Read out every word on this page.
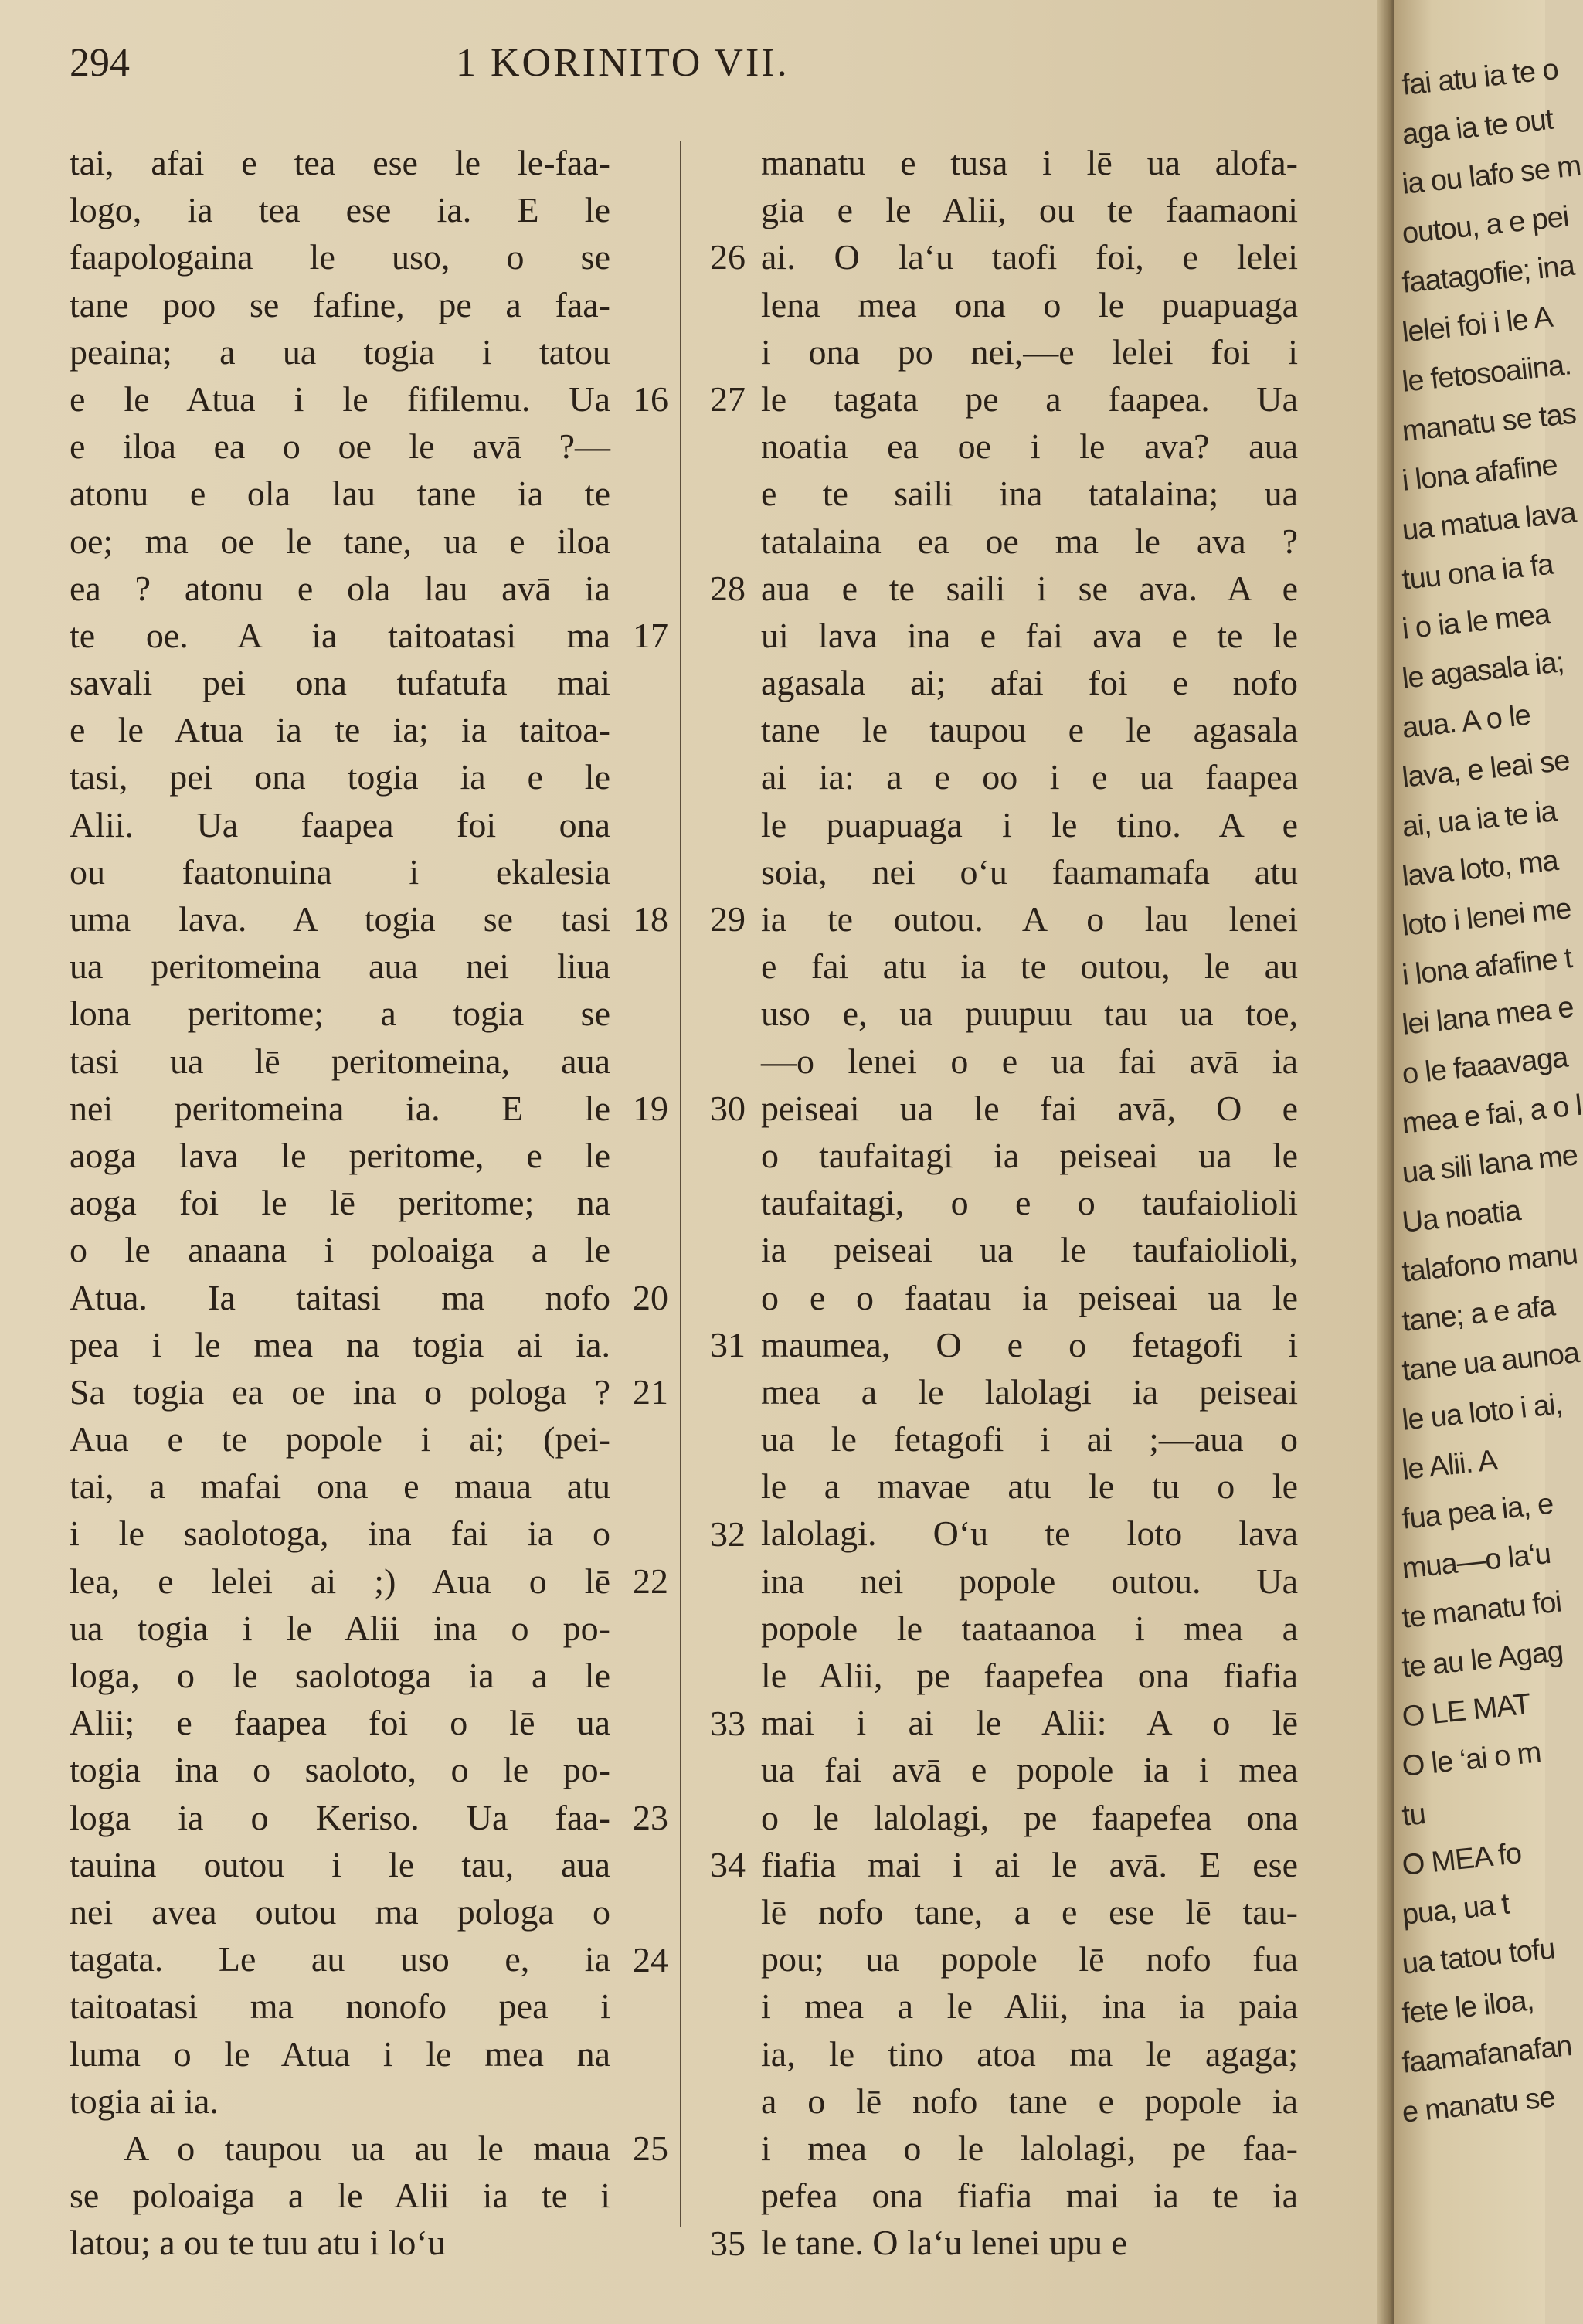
294	1 KORINITO VII.
tai, afai e tea ese le le-faa-
logo, ia tea ese ia. E le
faapologaina le uso, o se
tane poo se fafine, pe a faa-
peaina; a ua togia i tatou
e le Atua i le fifilemu. Ua
e iloa ea o oe le avā ?—
atonu e ola lau tane ia te
oe; ma oe le tane, ua e iloa
ea ? atonu e ola lau avā ia
te oe. A ia taitoatasi ma
savali pei ona tufatufa mai
e le Atua ia te ia; ia taitoa-
tasi, pei ona togia ia e le
Alii. Ua faapea foi ona
ou faatonuina i ekalesia
uma lava. A togia se tasi
ua peritomeina aua nei liua
lona peritome; a togia se
tasi ua lē peritomeina, aua
nei peritomeina ia. E le
aoga lava le peritome, e le
aoga foi le lē peritome; na
o le anaana i poloaiga a le
Atua. Ia taitasi ma nofo
pea i le mea na togia ai ia.
Sa togia ea oe ina o pologa ?
Aua e te popole i ai; (pei-
tai, a mafai ona e maua atu
i le saolotoga, ina fai ia o
lea, e lelei ai ;) Aua o lē
ua togia i le Alii ina o po-
loga, o le saolotoga ia a le
Alii; e faapea foi o lē ua
togia ina o saoloto, o le po-
loga ia o Keriso. Ua faa-
tauina outou i le tau, aua
nei avea outou ma pologa o
tagata. Le au uso e, ia
taitoatasi ma nonofo pea i
luma o le Atua i le mea na
togia ai ia.
A o taupou ua au le maua
se poloaiga a le Alii ia te i
latou; a ou te tuu atu i lo‘u
manatu e tusa i lē ua alofa-
gia e le Alii, ou te faamaoni
ai. O la‘u taofi foi, e lelei
lena mea ona o le puapuaga
i ona po nei,—e lelei foi i
le tagata pe a faapea. Ua
noatia ea oe i le ava? aua
e te saili ina tatalaina; ua
tatalaina ea oe ma le ava ?
aua e te saili i se ava. A e
ui lava ina e fai ava e te le
agasala ai; afai foi e nofo
tane le taupou e le agasala
ai ia: a e oo i e ua faapea
le puapuaga i le tino. A e
soia, nei o‘u faamamafa atu
ia te outou. A o lau lenei
e fai atu ia te outou, le au
uso e, ua puupuu tau ua toe,
—o lenei o e ua fai avā ia
peiseai ua le fai avā, O e
o taufaitagi ia peiseai ua le
taufaitagi, o e o taufaiolioli
ia peiseai ua le taufaiolioli,
o e o faatau ia peiseai ua le
maumea, O e o fetagofi i
mea a le lalolagi ia peiseai
ua le fetagofi i ai ;—aua o
le a mavae atu le tu o le
lalolagi. O‘u te loto lava
ina nei popole outou. Ua
popole le taataanoa i mea a
le Alii, pe faapefea ona fiafia
mai i ai le Alii: A o lē
ua fai avā e popole ia i mea
o le lalolagi, pe faapefea ona
fiafia mai i ai le avā. E ese
lē nofo tane, a e ese lē tau-
pou; ua popole lē nofo fua
i mea a le Alii, ina ia paia
ia, le tino atoa ma le agaga;
a o lē nofo tane e popole ia
i mea o le lalolagi, pe faa-
pefea ona fiafia mai ia te ia
le tane. O la‘u lenei upu e
16
17
18
19
20
21
22
23
24
25
26
27
28
29
30
31
32
33
34
35
fai atu ia te o
aga ia te out
ia ou lafo se m
outou, a e pei
faatagofie; ina
lelei foi i le A
le fetosoaiina.
manatu se tas
i lona afafine
ua matua lava
tuu ona ia fa
i o ia le mea
le agasala ia;
aua. A o le
lava, e leai se
ai, ua ia te ia
lava loto, ma
loto i lenei me
i lona afafine t
lei lana mea e
o le faaavaga
mea e fai, a o l
ua sili lana me
Ua noatia
talafono manu
tane; a e afa
tane ua aunoa
le ua loto i ai,
le Alii. A
fua pea ia, e
mua—o la‘u
te manatu foi
te au le Agag
O LE MAT
O le ‘ai o m
tu
O MEA fo
pua, ua t
ua tatou tofu
fete le iloa,
faamafanafan
e manatu se
